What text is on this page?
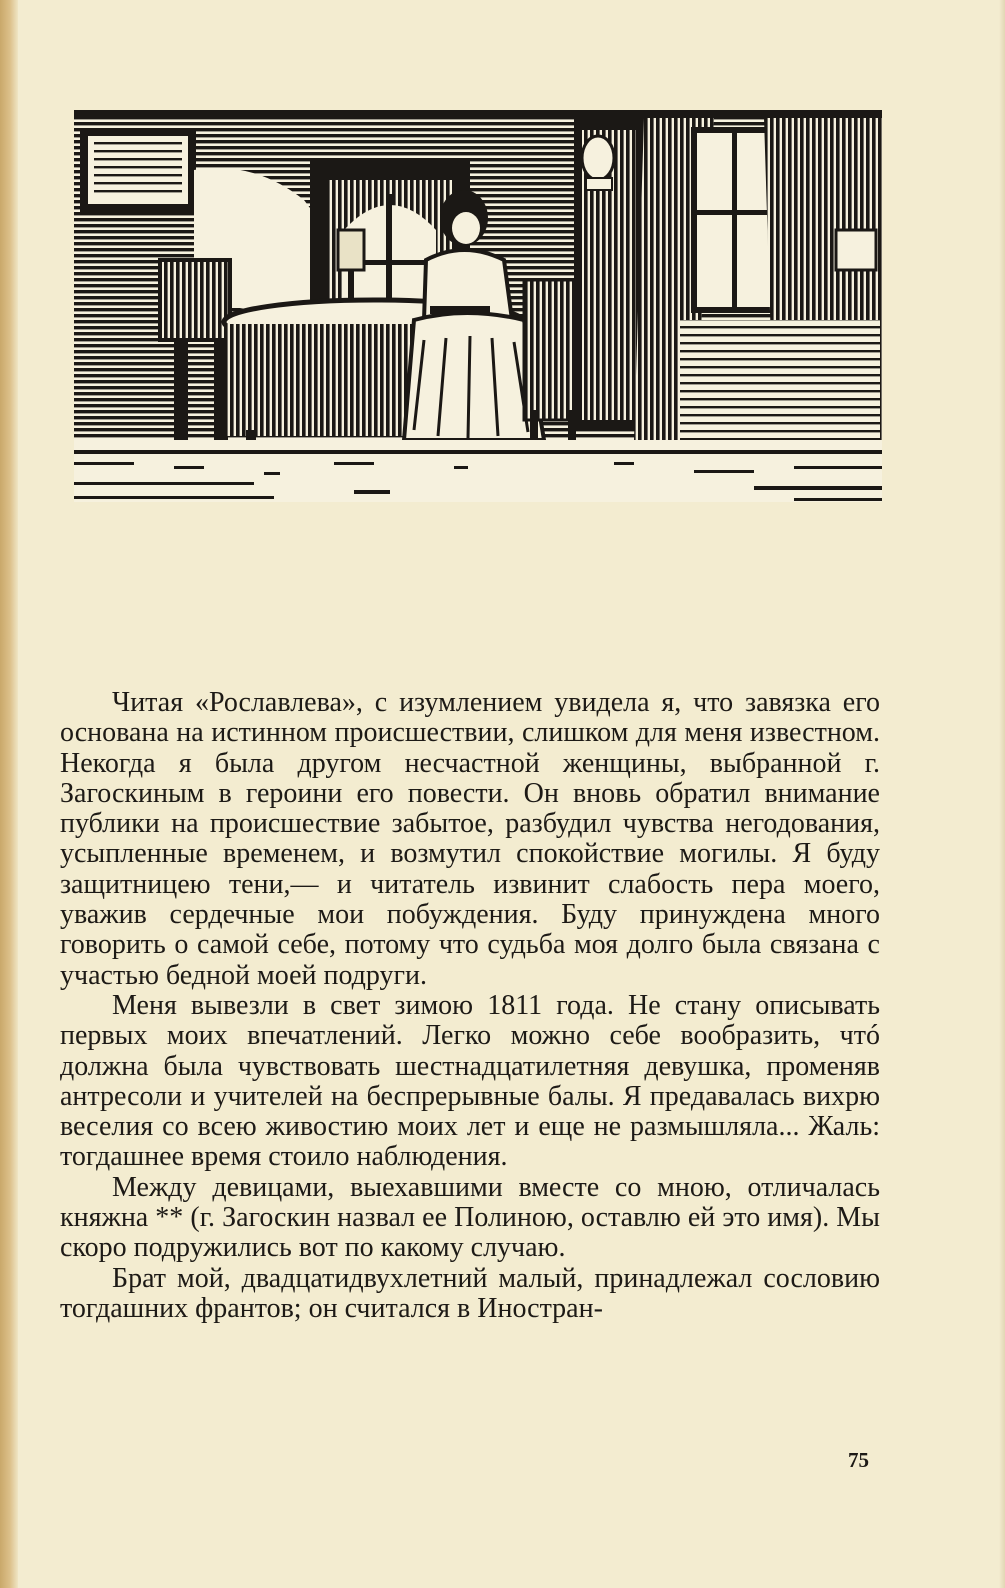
Читая «Рославлева», с изумлением увидела я, что завязка его основана на истинном происшествии, слишком для меня известном. Некогда я была другом несчастной женщины, выбранной г. Загоскиным в героини его повести. Он вновь обратил внимание публики на происшествие забытое, разбудил чувства негодования, усыпленные временем, и возмутил спокойствие могилы. Я буду защитницею тени,— и читатель извинит слабость пера моего, уважив сердечные мои побуждения. Буду принуждена много говорить о самой себе, потому что судьба моя долго была связана с участью бедной моей подруги.

Меня вывезли в свет зимою 1811 года. Не стану описывать первых моих впечатлений. Легко можно себе вообразить, чтó должна была чувствовать шестнадцатилетняя девушка, променяв антресоли и учителей на беспрерывные балы. Я предавалась вихрю веселия со всею живостию моих лет и еще не размышляла... Жаль: тогдашнее время стоило наблюдения.

Между девицами, выехавшими вместе со мною, отличалась княжна ** (г. Загоскин назвал ее Полиною, оставлю ей это имя). Мы скоро подружились вот по какому случаю.

Брат мой, двадцатидвухлетний малый, принадлежал сословию тогдашних франтов; он считался в Иностран-

75
